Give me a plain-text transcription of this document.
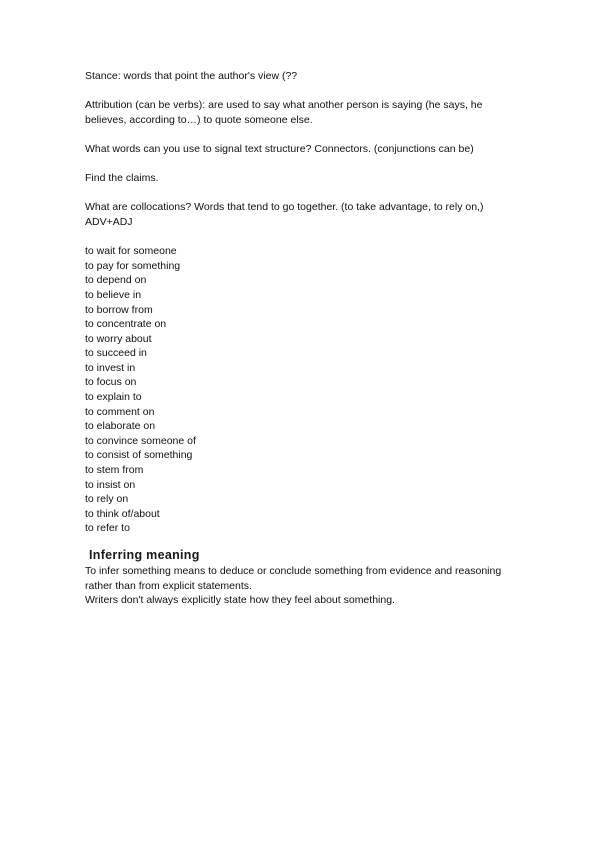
Stance: words that point the author's view (??

Attribution (can be verbs): are used to say what another person is saying (he says, he believes, according to…) to quote someone else.

What words can you use to signal text structure? Connectors. (conjunctions can be)

Find the claims.

What are collocations? Words that tend to go together. (to take advantage, to rely on,)
ADV+ADJ

to wait for someone
to pay for something
to depend on
to believe in
to borrow from
to concentrate on
to worry about
to succeed in
to invest in
to focus on
to explain to
to comment on
to elaborate on
to convince someone of
to consist of something
to stem from
to insist on
to rely on
to think of/about
to refer to
Inferring meaning

To infer something means to deduce or conclude something from evidence and reasoning rather than from explicit statements.
Writers don't always explicitly state how they feel about something.
